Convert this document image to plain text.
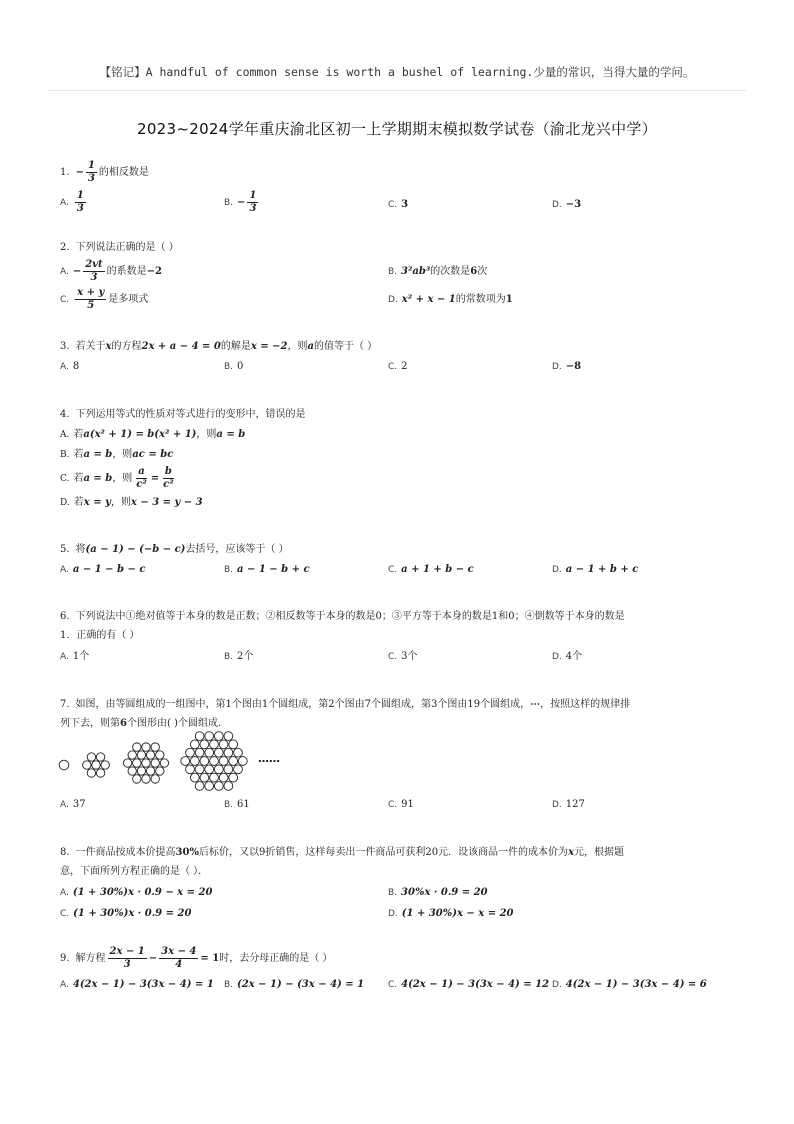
【铭记】A handful of common sense is worth a bushel of learning.少量的常识，当得大量的学问。
2023~2024学年重庆渝北区初一上学期期末模拟数学试卷（渝北龙兴中学）
1. − $\frac{1}{3}$ 的相反数是
A. $\frac{1}{3}$	B. − $\frac{1}{3}$	C. 3	D. −3
2. 下列说法正确的是（ ）
A. − $\frac{2vt}{3}$ 的系数是−2	B. 3²ab³的次数是6次
C. $\frac{x + y}{5}$ 是多项式	D. x² + x − 1的常数项为1
3. 若关于x的方程2x + a − 4 = 0的解是x = −2，则a的值等于（ ）
A. 8	B. 0	C. 2	D. −8
4. 下列运用等式的性质对等式进行的变形中，错误的是
A. 若a(x² + 1) = b(x² + 1)，则a = b
B. 若a = b，则ac = bc
C. 若a = b，则 $\frac{a}{\text{c²}} = \frac{b}{\text{c²}}$
D. 若x = y，则x − 3 = y − 3
5. 将(a − 1) − (−b − c)去括号，应该等于（ ）
A. a − 1 − b − c	B. a − 1 − b + c	C. a + 1 + b − c	D. a − 1 + b + c
6. 下列说法中①绝对值等于本身的数是正数；②相反数等于本身的数是0；③平方等于本身的数是1和0；④倒数等于本身的数是
1．正确的有（ ）
A. 1个	B. 2个	C. 3个	D. 4个
7. 如图，由等圆组成的一组图中，第1个图由1个圆组成，第2个图由7个圆组成，第3个图由19个圆组成，⋯，按照这样的规律排
列下去，则第6个图形由( )个圆组成.
……
A. 37	B. 61	C. 91	D. 127
8. 一件商品按成本价提高30%后标价，又以9折销售，这样每卖出一件商品可获利20元．设该商品一件的成本价为x元，根据题
意，下面所列方程正确的是（ ）．
A. (1 + 30%)x · 0.9 − x = 20	B. 30%x · 0.9 = 20
C. (1 + 30%)x · 0.9 = 20	D. (1 + 30%)x − x = 20
9. 解方程 $\frac{2x - 1}{3} - \frac{3x - 4}{4} = 1$时，去分母正确的是（ ）
A. 4(2x − 1) − 3(3x − 4) = 1 B. (2x − 1) − (3x − 4) = 1	C. 4(2x − 1) − 3(3x − 4) = 12 D. 4(2x − 1) − 3(3x − 4) = 6
